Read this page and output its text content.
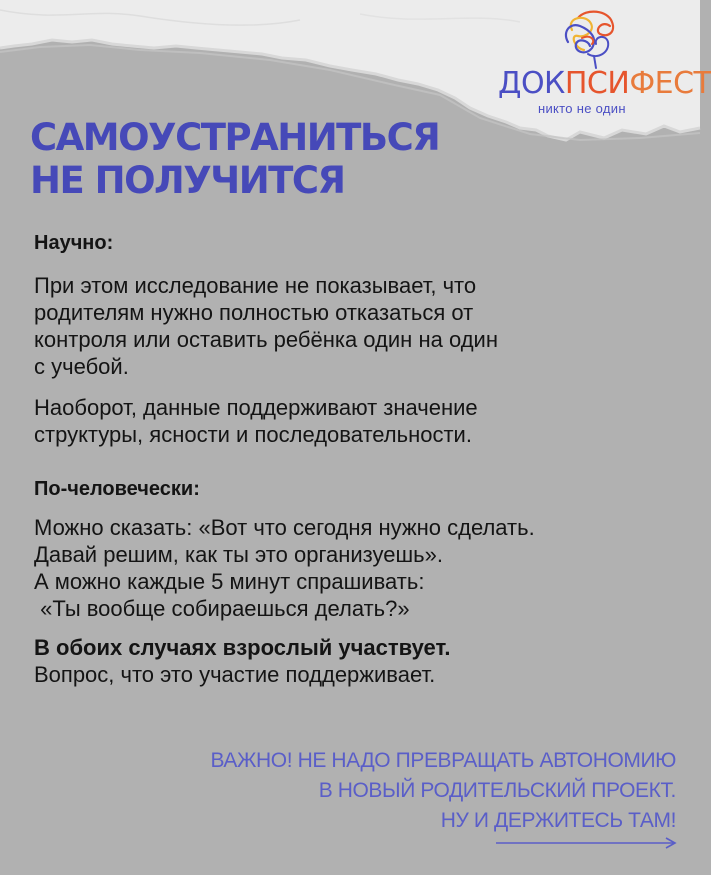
ДОКПСИФЕСТ
никто не один
САМОУСТРАНИТЬСЯ
НЕ ПОЛУЧИТСЯ
Научно:
При этом исследование не показывает, что
родителям нужно полностью отказаться от
контроля или оставить ребёнка один на один
с учебой.
Наоборот, данные поддерживают значение
структуры, ясности и последовательности.
По-человечески:
Можно сказать: «Вот что сегодня нужно сделать.
Давай решим, как ты это организуешь».
А можно каждые 5 минут спрашивать:
«Ты вообще собираешься делать?»
В обоих случаях взрослый участвует.
Вопрос, что это участие поддерживает.
ВАЖНО! НЕ НАДО ПРЕВРАЩАТЬ АВТОНОМИЮ
В НОВЫЙ РОДИТЕЛЬСКИЙ ПРОЕКТ.
НУ И ДЕРЖИТЕСЬ ТАМ!
